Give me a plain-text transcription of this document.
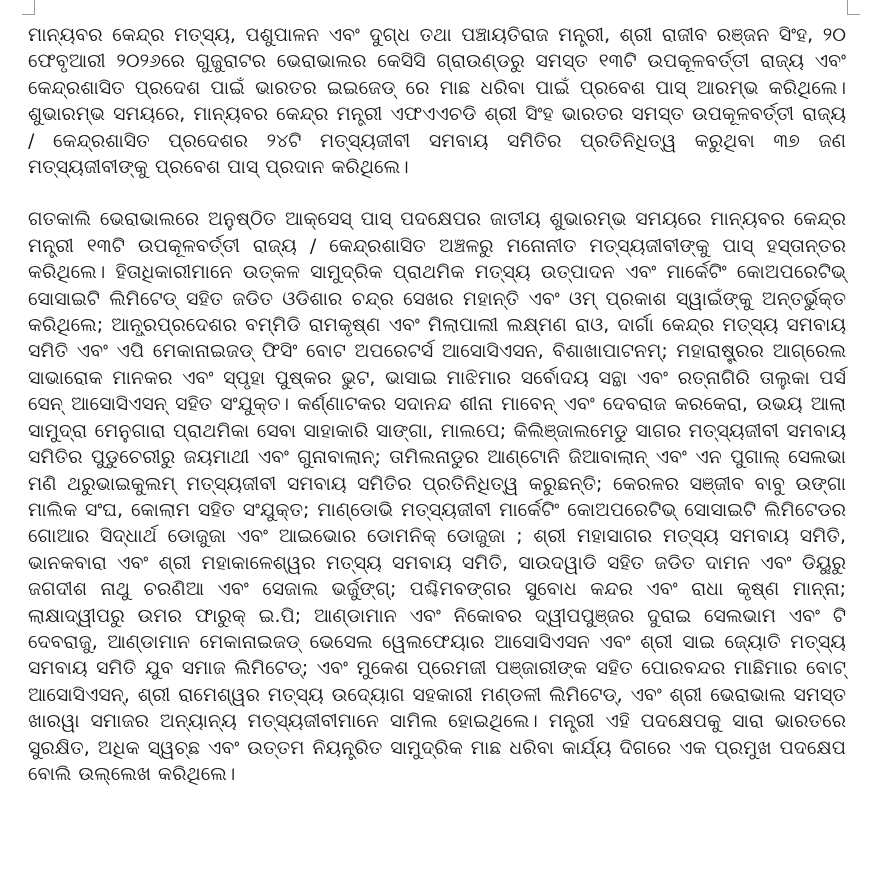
ମାନ୍ୟବର କେନ୍ଦ୍ର ମତ୍ସ୍ୟ, ପଶୁପାଳନ ଏବଂ ଦୁଗ୍ଧ ତଥା ପଞ୍ଚାୟତିରାଜ ମନ୍ତ୍ରୀ, ଶ୍ରୀ ରାଜୀବ ରଞ୍ଜନ ସିଂହ, ୨୦ ଫେବୃଆରୀ ୨୦୨୬ରେ ଗୁଜୁରାଟର ଭେରାଭାଲର କେସିସି ଗ୍ରାଉଣ୍ଡରୁ ସମସ୍ତ ୧୩ଟି ଉପକୂଳବର୍ତ୍ତୀ ରାଜ୍ୟ ଏବଂ କେନ୍ଦ୍ରଶାସିତ ପ୍ରଦେଶ ପାଇଁ ଭାରତର ଇଇଜେଡ୍ ରେ ମାଛ ଧରିବା ପାଇଁ ପ୍ରବେଶ ପାସ୍ ଆରମ୍ଭ କରିଥିଲେ। ଶୁଭାରମ୍ଭ ସମୟରେ, ମାନ୍ୟବର କେନ୍ଦ୍ର ମନ୍ତ୍ରୀ ଏଫଏଏଚଡି ଶ୍ରୀ ସିଂହ ଭାରତର ସମସ୍ତ ଉପକୂଳବର୍ତ୍ତୀ ରାଜ୍ୟ / କେନ୍ଦ୍ରଶାସିତ ପ୍ରଦେଶର ୨୪ଟି ମତ୍ସ୍ୟଜୀବୀ ସମବାୟ ସମିତିର ପ୍ରତିନିଧିତ୍ୱ କରୁଥିବା ୩୭ ଜଣ ମତ୍ସ୍ୟଜୀବୀଙ୍କୁ ପ୍ରବେଶ ପାସ୍ ପ୍ରଦାନ କରିଥିଲେ।

ଗତକାଲି ଭେରାଭାଲରେ ଅନୁଷ୍ଠିତ ଆକ୍ସେସ୍ ପାସ୍ ପଦକ୍ଷେପର ଜାତୀୟ ଶୁଭାରମ୍ଭ ସମୟରେ ମାନ୍ୟବର କେନ୍ଦ୍ର ମନ୍ତ୍ରୀ ୧୩ଟି ଉପକୂଳବର୍ତ୍ତୀ ରାଜ୍ୟ / କେନ୍ଦ୍ରଶାସିତ ଅଞ୍ଚଳରୁ ମନୋନୀତ ମତ୍ସ୍ୟଜୀବୀଙ୍କୁ ପାସ୍ ହସ୍ତାନ୍ତର କରିଥିଲେ। ହିତାଧିକାରୀମାନେ ଉତ୍କଳ ସାମୁଦ୍ରିକ ପ୍ରାଥମିକ ମତ୍ସ୍ୟ ଉତ୍ପାଦନ ଏବଂ ମାର୍କେଟିଂ କୋଅପରେଟିଭ୍ ସୋସାଇଟି ଲିମିଟେଡ୍ ସହିତ ଜଡିତ ଓଡିଶାର ଚନ୍ଦ୍ର ସେଖର ମହାନ୍ତି ଏବଂ ଓମ୍ ପ୍ରକାଶ ସ୍ୱାଇଁଙ୍କୁ ଅନ୍ତର୍ଭୁକ୍ତ କରିଥିଲେ; ଆନ୍ଧ୍ରପ୍ରଦେଶର ବମ୍ମିଡି ରାମକୃଷ୍ଣ ଏବଂ ମିଲାପାଲୀ ଲକ୍ଷ୍ମଣ ରାଓ, ଦାର୍ଗା କେନ୍ଦ୍ର ମତ୍ସ୍ୟ ସମବାୟ ସମିତି ଏବଂ ଏପି ମେକାନାଇଜଡ୍ ଫିସିଂ ବୋଟ ଅପରେଟର୍ସ ଆସୋସିଏସନ, ବିଶାଖାପାଟନମ୍; ମହାରାଷ୍ଟ୍ରର ଆଗ୍ରେଲ ସାଭାରୋକ ମାନକର ଏବଂ ସ୍ପୃହା ପୁଷ୍କର ଭୁଟ, ଭାସାଇ ମାଝିମାର ସର୍ବୋଦୟ ସନ୍ଥା ଏବଂ ରତ୍ନାଗିରି ତାଲୁକା ପର୍ସ ସେନ୍ ଆସୋସିଏସନ୍ ସହିତ ସଂଯୁକ୍ତ। କର୍ଣ୍ଣାଟକର ସଦାନନ୍ଦ ଶୀନା ମାବେନ୍ ଏବଂ ଦେବରାଜ କରକେରା, ଉଭୟ ଆଲା ସାମୁଦ୍ରା ମେନୁଗାରା ପ୍ରାଥମିକା ସେବା ସାହାକାରି ସାଙ୍ଗା, ମାଲପେ; କିଲିଞ୍ଜାଲମେଡୁ ସାଗର ମତ୍ସ୍ୟଜୀବୀ ସମବାୟ ସମିତିର ପୁଡୁଚେରୀରୁ ଜୟମାଥୀ ଏବଂ ଗୁନାବାଲାନ୍; ତାମିଲନାଡୁର ଆଣ୍ଟୋନି ଜିଆବାଲାନ୍ ଏବଂ ଏନ ପୁଗାଲ୍ ସେଲଭା ମଣି ଥରୁଭାଇକୁଲମ୍ ମତ୍ସ୍ୟଜୀବୀ ସମବାୟ ସମିତିର ପ୍ରତିନିଧିତ୍ୱ କରୁଛନ୍ତି; କେରଳର ସଞ୍ଜୀବ ବାବୁ ଉଙ୍ଗା ମାଲିକ ସଂଘ, କୋଲାମ ସହିତ ସଂଯୁକ୍ତ; ମାଣ୍ଡୋଭି ମତ୍ସ୍ୟଜୀବୀ ମାର୍କେଟିଂ କୋଅପରେଟିଭ୍ ସୋସାଇଟି ଲିମିଟେଡର ଗୋଆର ସିଦ୍ଧାର୍ଥ ଡୋଜୁଜା ଏବଂ ଆଇଭୋର ଡୋମନିକ୍ ଡୋଜୁଜା ; ଶ୍ରୀ ମହାସାଗର ମତ୍ସ୍ୟ ସମବାୟ ସମିତି, ଭାନକବାରା ଏବଂ ଶ୍ରୀ ମହାକାଳେଶ୍ୱର ମତ୍ସ୍ୟ ସମବାୟ ସମିତି, ସାଉଦୱାଡି ସହିତ ଜଡିତ ଦାମନ ଏବଂ ଡିୟୁରୁ ଜଗଦୀଶ ନାଥୁ ଚରଣିଆ ଏବଂ ସେଜାଲ ଭର୍ଜୁଙ୍ଗ୍; ପଶ୍ଚିମବଙ୍ଗର ସୁବୋଧ କନ୍ଦର ଏବଂ ରାଧା କୃଷ୍ଣ ମାନ୍ନା; ଲାକ୍ଷାଦ୍ୱୀପରୁ ଉମର ଫାରୁକ୍ ଇ.ପି; ଆଣ୍ଡାମାନ ଏବଂ ନିକୋବର ଦ୍ୱୀପପୁଞ୍ଜର ଦୁରାଇ ସେଲଭାମ ଏବଂ ଟି ଦେବରାଜୁ, ଆଣ୍ଡାମାନ ମେକାନାଇଜଡ୍ ଭେସେଲ ୱେଲଫେୟାର ଆସୋସିଏସନ ଏବଂ ଶ୍ରୀ ସାଇ ଜ୍ୟୋତି ମତ୍ସ୍ୟ ସମବାୟ ସମିତି ଯୁବ ସମାଜ ଲିମିଟେଡ୍; ଏବଂ ମୁକେଶ ପ୍ରେମଜୀ ପଞ୍ଜାରୀଙ୍କ ସହିତ ପୋରବନ୍ଦର ମାଛିମାର ବୋଟ୍ ଆସୋସିଏସନ୍, ଶ୍ରୀ ରାମେଶ୍ୱର ମତ୍ସ୍ୟ ଉଦ୍ୟୋଗ ସହକାରୀ ମଣ୍ଡଳୀ ଲିମିଟେଡ୍, ଏବଂ ଶ୍ରୀ ଭେରାଭାଲ ସମସ୍ତ ଖାରୱା ସମାଜର ଅନ୍ୟାନ୍ୟ ମତ୍ସ୍ୟଜୀବୀମାନେ ସାମିଲ ହୋଇଥିଲେ। ମନ୍ତ୍ରୀ ଏହି ପଦକ୍ଷେପକୁ ସାରା ଭାରତରେ ସୁରକ୍ଷିତ, ଅଧିକ ସ୍ୱଚ୍ଛ ଏବଂ ଉତ୍ତମ ନିୟନ୍ତ୍ରିତ ସାମୁଦ୍ରିକ ମାଛ ଧରିବା କାର୍ଯ୍ୟ ଦିଗରେ ଏକ ପ୍ରମୁଖ ପଦକ୍ଷେପ ବୋଲି ଉଲ୍ଲେଖ କରିଥିଲେ।
